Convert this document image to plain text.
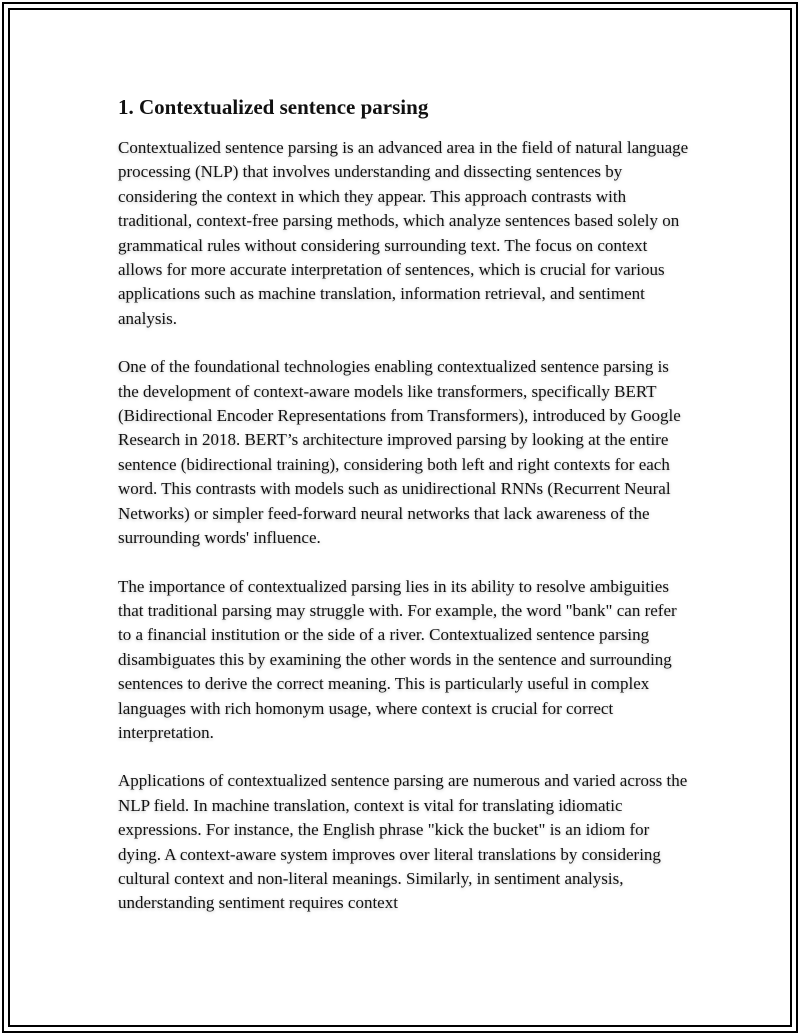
1. Contextualized sentence parsing

Contextualized sentence parsing is an advanced area in the field of natural language processing (NLP) that involves understanding and dissecting sentences by considering the context in which they appear. This approach contrasts with traditional, context-free parsing methods, which analyze sentences based solely on grammatical rules without considering surrounding text. The focus on context allows for more accurate interpretation of sentences, which is crucial for various applications such as machine translation, information retrieval, and sentiment analysis.

One of the foundational technologies enabling contextualized sentence parsing is the development of context-aware models like transformers, specifically BERT (Bidirectional Encoder Representations from Transformers), introduced by Google Research in 2018. BERT’s architecture improved parsing by looking at the entire sentence (bidirectional training), considering both left and right contexts for each word. This contrasts with models such as unidirectional RNNs (Recurrent Neural Networks) or simpler feed-forward neural networks that lack awareness of the surrounding words' influence.

The importance of contextualized parsing lies in its ability to resolve ambiguities that traditional parsing may struggle with. For example, the word "bank" can refer to a financial institution or the side of a river. Contextualized sentence parsing disambiguates this by examining the other words in the sentence and surrounding sentences to derive the correct meaning. This is particularly useful in complex languages with rich homonym usage, where context is crucial for correct interpretation.

Applications of contextualized sentence parsing are numerous and varied across the NLP field. In machine translation, context is vital for translating idiomatic expressions. For instance, the English phrase "kick the bucket" is an idiom for dying. A context-aware system improves over literal translations by considering cultural context and non-literal meanings. Similarly, in sentiment analysis, understanding sentiment requires context
